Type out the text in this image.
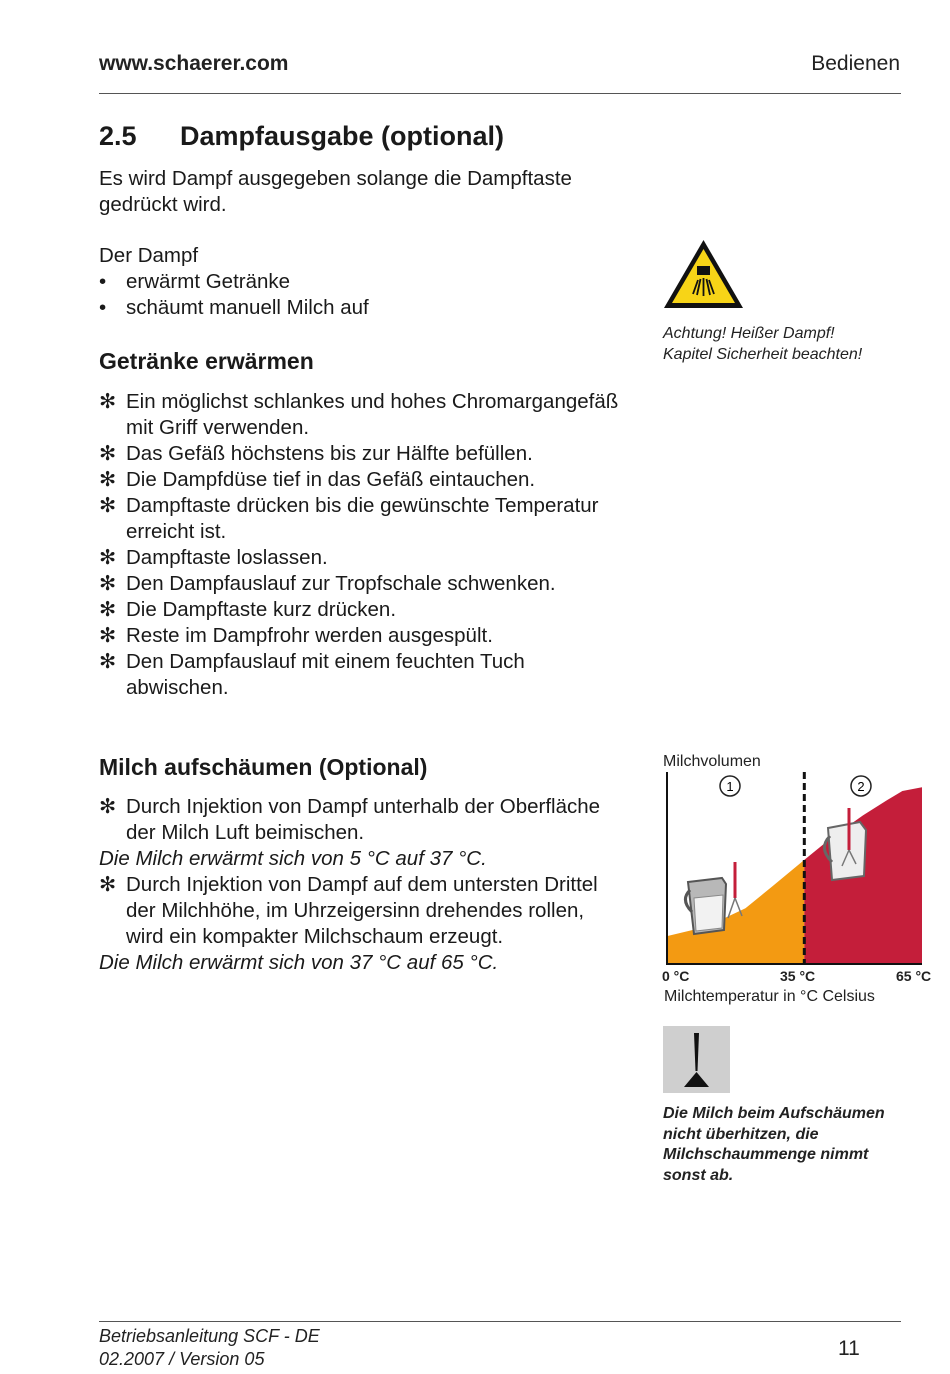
www.schaerer.com	Bedienen
2.5 Dampfausgabe (optional)
Es wird Dampf ausgegeben solange die Dampftaste
gedrückt wird.
Der Dampf
• erwärmt Getränke
• schäumt manuell Milch auf
Achtung! Heißer Dampf!
Kapitel Sicherheit beachten!
Getränke erwärmen
✻ Ein möglichst schlankes und hohes Chromargangefäß
mit Griff verwenden.
✻ Das Gefäß höchstens bis zur Hälfte befüllen.
✻ Die Dampfdüse tief in das Gefäß eintauchen.
✻ Dampftaste drücken bis die gewünschte Temperatur
erreicht ist.
✻ Dampftaste loslassen.
✻ Den Dampfauslauf zur Tropfschale schwenken.
✻ Die Dampftaste kurz drücken.
✻ Reste im Dampfrohr werden ausgespült.
✻ Den Dampfauslauf mit einem feuchten Tuch
abwischen.
Milch aufschäumen (Optional)
✻ Durch Injektion von Dampf unterhalb der Oberfläche
der Milch Luft beimischen.
Die Milch erwärmt sich von 5 °C auf 37 °C.
✻ Durch Injektion von Dampf auf dem untersten Drittel
der Milchhöhe, im Uhrzeigersinn drehendes rollen,
wird ein kompakter Milchschaum erzeugt.
Die Milch erwärmt sich von 37 °C auf 65 °C.
Milchvolumen
1	2
0 °C	35 °C	65 °C
Milchtemperatur in °C Celsius
Die Milch beim Aufschäumen
nicht überhitzen, die
Milchschaummenge nimmt
sonst ab.
Betriebsanleitung SCF - DE
02.2007 / Version 05	11
